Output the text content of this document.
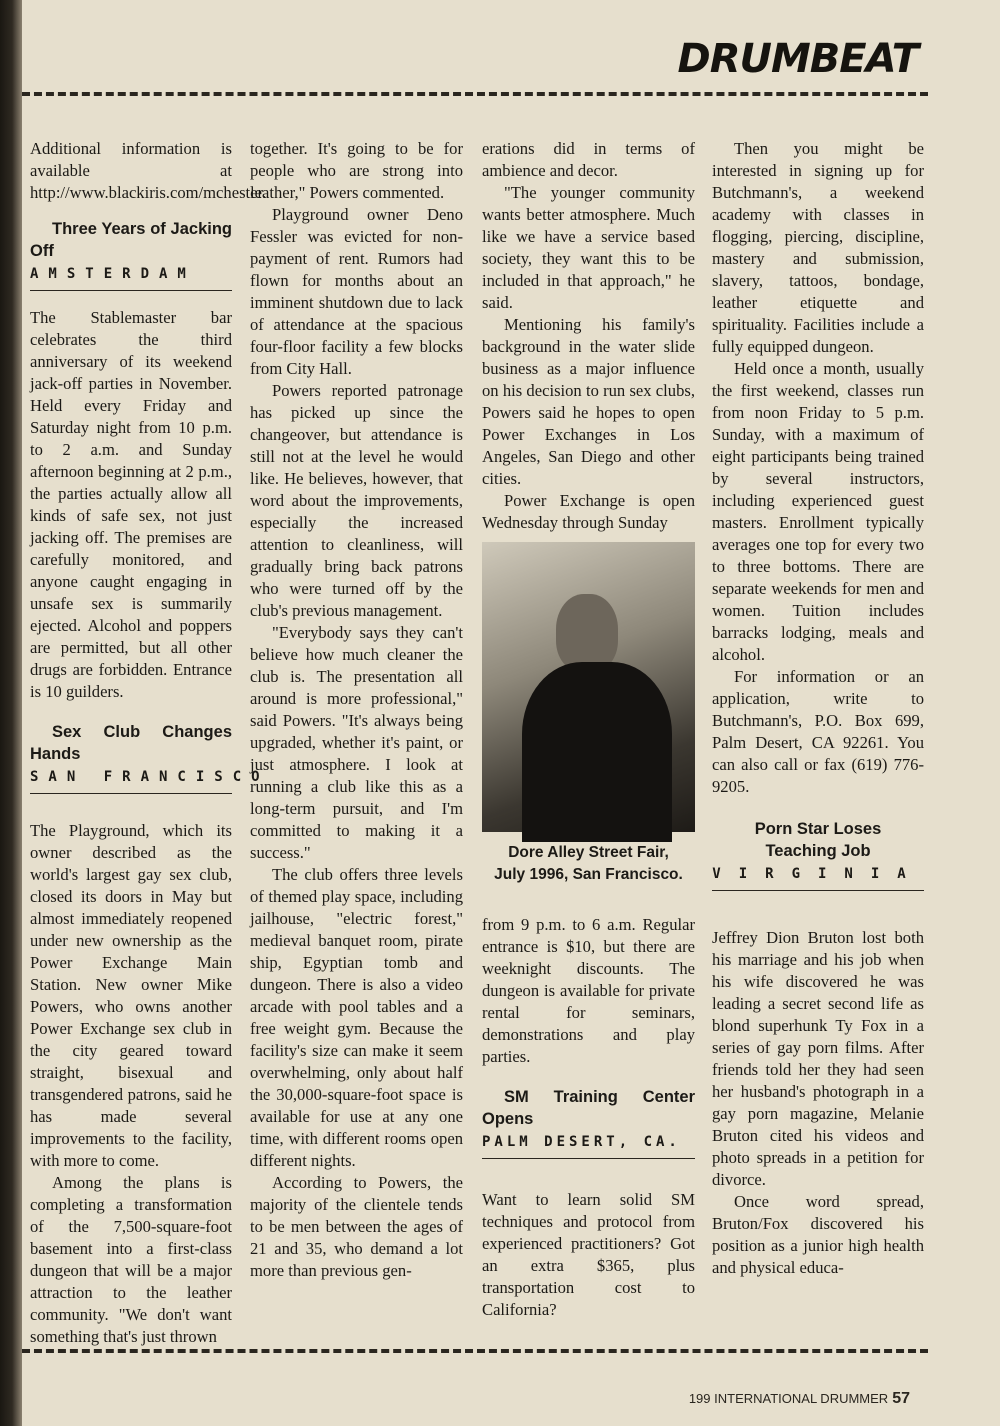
DRUMBEAT

Additional information is available at http://www.blackiris.com/mchester.

Three Years of Jacking Off

AMSTERDAM

The Stablemaster bar celebrates the third anniversary of its weekend jack-off parties in November. Held every Friday and Saturday night from 10 p.m. to 2 a.m. and Sunday afternoon beginning at 2 p.m., the parties actually allow all kinds of safe sex, not just jacking off. The premises are carefully monitored, and anyone caught engaging in unsafe sex is summarily ejected. Alcohol and poppers are permitted, but all other drugs are forbidden. Entrance is 10 guilders.

Sex Club Changes Hands

SAN FRANCISCO

The Playground, which its owner described as the world's largest gay sex club, closed its doors in May but almost immediately reopened under new ownership as the Power Exchange Main Station. New owner Mike Powers, who owns another Power Exchange sex club in the city geared toward straight, bisexual and transgendered patrons, said he has made several improvements to the facility, with more to come.

Among the plans is completing a transformation of the 7,500-square-foot basement into a first-class dungeon that will be a major attraction to the leather community. "We don't want something that's just thrown

together. It's going to be for people who are strong into leather," Powers commented.

Playground owner Deno Fessler was evicted for non-payment of rent. Rumors had flown for months about an imminent shutdown due to lack of attendance at the spacious four-floor facility a few blocks from City Hall.

Powers reported patronage has picked up since the changeover, but attendance is still not at the level he would like. He believes, however, that word about the improvements, especially the increased attention to cleanliness, will gradually bring back patrons who were turned off by the club's previous management.

"Everybody says they can't believe how much cleaner the club is. The presentation all around is more professional," said Powers. "It's always being upgraded, whether it's paint, or just atmosphere. I look at running a club like this as a long-term pursuit, and I'm committed to making it a success."

The club offers three levels of themed play space, including jailhouse, "electric forest," medieval banquet room, pirate ship, Egyptian tomb and dungeon. There is also a video arcade with pool tables and a free weight gym. Because the facility's size can make it seem overwhelming, only about half the 30,000-square-foot space is available for use at any one time, with different rooms open different nights.

According to Powers, the majority of the clientele tends to be men between the ages of 21 and 35, who demand a lot more than previous gen-

erations did in terms of ambience and decor.

"The younger community wants better atmosphere. Much like we have a service based society, they want this to be included in that approach," he said.

Mentioning his family's background in the water slide business as a major influence on his decision to run sex clubs, Powers said he hopes to open Power Exchanges in Los Angeles, San Diego and other cities.

Power Exchange is open Wednesday through Sunday

Dore Alley Street Fair,
July 1996, San Francisco.

from 9 p.m. to 6 a.m. Regular entrance is $10, but there are weeknight discounts. The dungeon is available for private rental for seminars, demonstrations and play parties.

SM Training Center Opens

PALM DESERT, CA.

Want to learn solid SM techniques and protocol from experienced practitioners? Got an extra $365, plus transportation cost to California?

Then you might be interested in signing up for Butchmann's, a weekend academy with classes in flogging, piercing, discipline, mastery and submission, slavery, tattoos, bondage, leather etiquette and spirituality. Facilities include a fully equipped dungeon.

Held once a month, usually the first weekend, classes run from noon Friday to 5 p.m. Sunday, with a maximum of eight participants being trained by several instructors, including experienced guest masters. Enrollment typically averages one top for every two to three bottoms. There are separate weekends for men and women. Tuition includes barracks lodging, meals and alcohol.

For information or an application, write to Butchmann's, P.O. Box 699, Palm Desert, CA 92261. You can also call or fax (619) 776-9205.

Porn Star Loses
Teaching Job
VIRGINIA

Jeffrey Dion Bruton lost both his marriage and his job when his wife discovered he was leading a secret second life as blond superhunk Ty Fox in a series of gay porn films. After friends told her they had seen her husband's photograph in a gay porn magazine, Melanie Bruton cited his videos and photo spreads in a petition for divorce.

Once word spread, Bruton/Fox discovered his position as a junior high health and physical educa-

199 INTERNATIONAL DRUMMER 57
